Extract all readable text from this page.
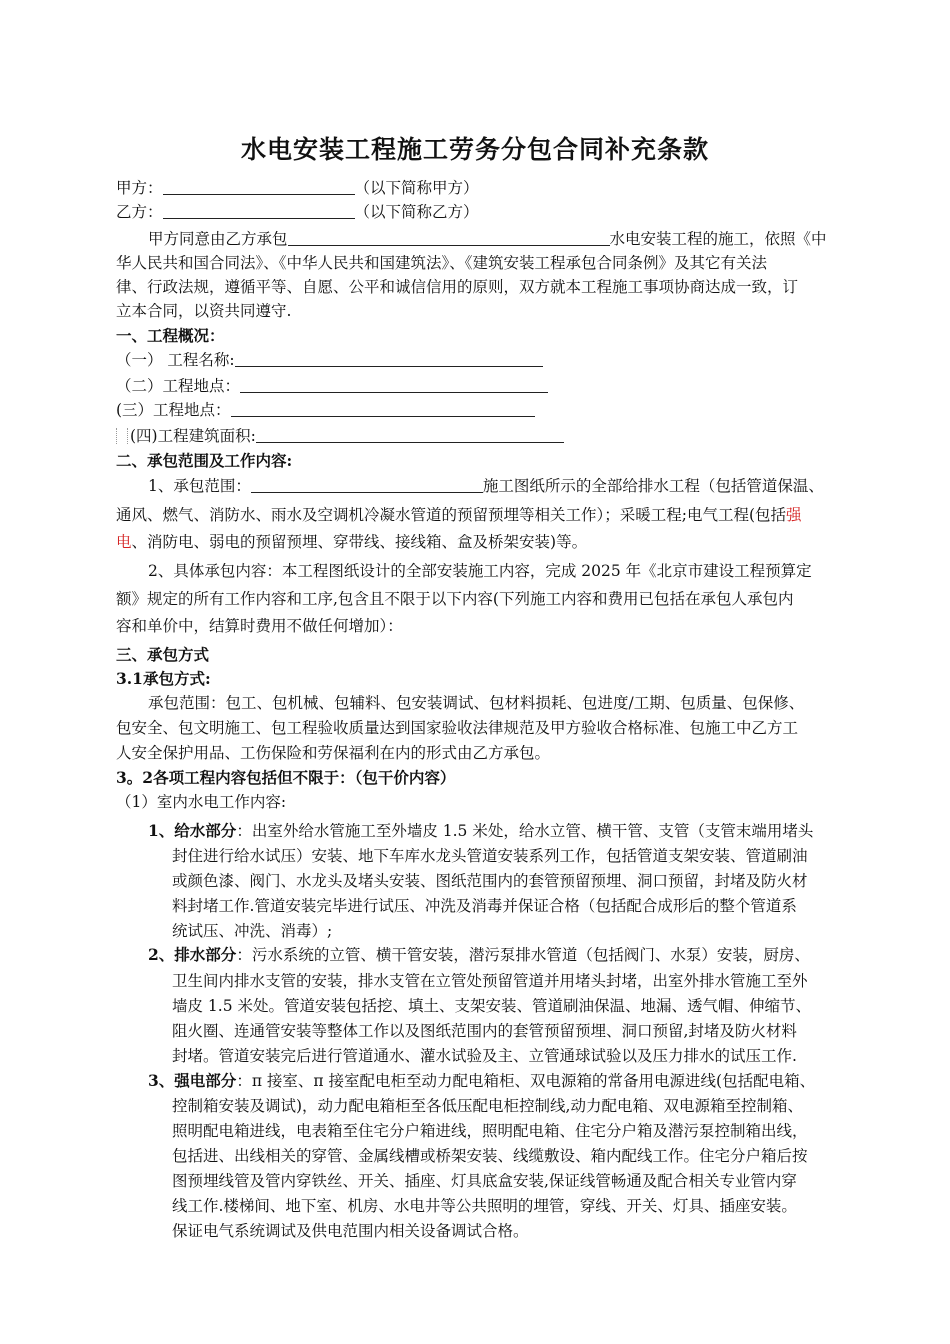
水电安装工程施工劳务分包合同补充条款
甲方：	（以下简称甲方）
乙方：	（以下简称乙方）
甲方同意由乙方承包	水电安装工程的施工，依照《中
华人民共和国合同法》、《中华人民共和国建筑法》、《建筑安装工程承包合同条例》及其它有关法
律、行政法规，遵循平等、自愿、公平和诚信信用的原则，双方就本工程施工事项协商达成一致，订
立本合同，以资共同遵守.
一、工程概况：
（一） 工程名称:
（二）工程地点：
(三）工程地点：
(四)工程建筑面积:
二、承包范围及工作内容:
1、承包范围：	施工图纸所示的全部给排水工程（包括管道保温、
通风、燃气、消防水、雨水及空调机冷凝水管道的预留预埋等相关工作）；采暖工程;电气工程(包括强
电、消防电、弱电的预留预埋、穿带线、接线箱、盒及桥架安装)等。
2、具体承包内容：本工程图纸设计的全部安装施工内容，完成 2025 年《北京市建设工程预算定
额》规定的所有工作内容和工序,包含且不限于以下内容(下列施工内容和费用已包括在承包人承包内
容和单价中，结算时费用不做任何增加）：
三、承包方式
3.1承包方式:
承包范围：包工、包机械、包辅料、包安装调试、包材料损耗、包进度/工期、包质量、包保修、
包安全、包文明施工、包工程验收质量达到国家验收法律规范及甲方验收合格标准、包施工中乙方工
人安全保护用品、工伤保险和劳保福利在内的形式由乙方承包。
3。2各项工程内容包括但不限于：（包干价内容）
（1）室内水电工作内容:
1、给水部分：出室外给水管施工至外墙皮 1.5 米处，给水立管、横干管、支管（支管末端用堵头
封住进行给水试压）安装、地下车库水龙头管道安装系列工作，包括管道支架安装、管道刷油
或颜色漆、阀门、水龙头及堵头安装、图纸范围内的套管预留预埋、洞口预留，封堵及防火材
料封堵工作.管道安装完毕进行试压、冲洗及消毒并保证合格（包括配合成形后的整个管道系
统试压、冲洗、消毒）;
2、排水部分：污水系统的立管、横干管安装，潜污泵排水管道（包括阀门、水泵）安装，厨房、
卫生间内排水支管的安装，排水支管在立管处预留管道并用堵头封堵，出室外排水管施工至外
墙皮 1.5 米处。管道安装包括挖、填土、支架安装、管道刷油保温、地漏、透气帽、伸缩节、
阻火圈、连通管安装等整体工作以及图纸范围内的套管预留预埋、洞口预留,封堵及防火材料
封堵。管道安装完后进行管道通水、灌水试验及主、立管通球试验以及压力排水的试压工作.
3、强电部分：π 接室、π 接室配电柜至动力配电箱柜、双电源箱的常备用电源进线(包括配电箱、
控制箱安装及调试)，动力配电箱柜至各低压配电柜控制线,动力配电箱、双电源箱至控制箱、
照明配电箱进线，电表箱至住宅分户箱进线，照明配电箱、住宅分户箱及潜污泵控制箱出线，
包括进、出线相关的穿管、金属线槽或桥架安装、线缆敷设、箱内配线工作。住宅分户箱后按
图预埋线管及管内穿铁丝、开关、插座、灯具底盒安装,保证线管畅通及配合相关专业管内穿
线工作.楼梯间、地下室、机房、水电井等公共照明的埋管，穿线、开关、灯具、插座安装。
保证电气系统调试及供电范围内相关设备调试合格。
